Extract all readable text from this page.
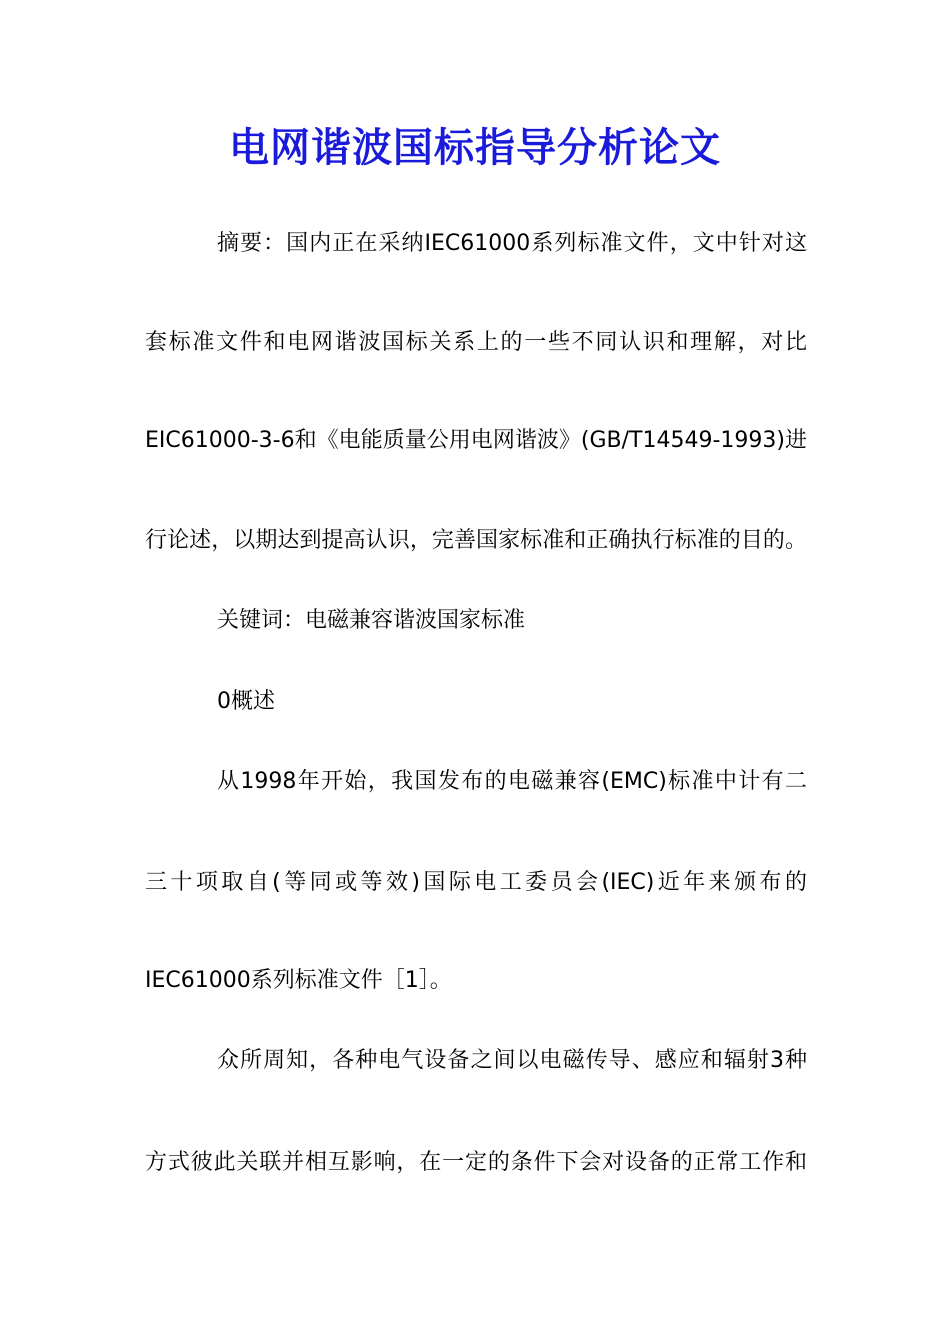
电网谐波国标指导分析论文
摘要：国内正在采纳IEC61000系列标准文件，文中针对这
套标准文件和电网谐波国标关系上的一些不同认识和理解，对比
EIC61000-3-6和《电能质量公用电网谐波》(GB/T14549-1993)进
行论述，以期达到提高认识，完善国家标准和正确执行标准的目的。
关键词：电磁兼容谐波国家标准
0概述
从1998年开始，我国发布的电磁兼容(EMC)标准中计有二
三十项取自(等同或等效)国际电工委员会(IEC)近年来颁布的
IEC61000系列标准文件［1］。
众所周知，各种电气设备之间以电磁传导、感应和辐射3种
方式彼此关联并相互影响，在一定的条件下会对设备的正常工作和
